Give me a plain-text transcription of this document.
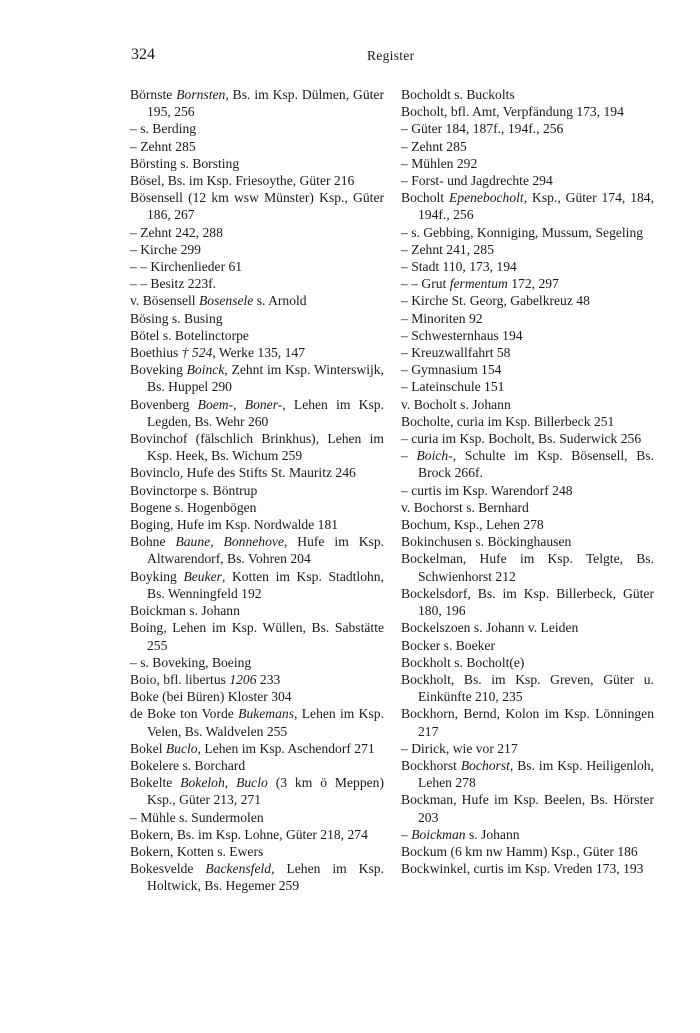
324	Register
Börnste Bornsten, Bs. im Ksp. Dülmen, Güter 195, 256
– s. Berding
– Zehnt 285
Börsting s. Borsting
Bösel, Bs. im Ksp. Friesoythe, Güter 216
Bösensell (12 km wsw Münster) Ksp., Güter 186, 267
– Zehnt 242, 288
– Kirche 299
– – Kirchenlieder 61
– – Besitz 223f.
v. Bösensell Bosensele s. Arnold
Bösing s. Busing
Bötel s. Botelinctorpe
Boethius † 524, Werke 135, 147
Boveking Boinck, Zehnt im Ksp. Winterswijk, Bs. Huppel 290
Bovenberg Boem-, Boner-, Lehen im Ksp. Legden, Bs. Wehr 260
Bovinchof (fälschlich Brinkhus), Lehen im Ksp. Heek, Bs. Wichum 259
Bovinclo, Hufe des Stifts St. Mauritz 246
Bovinctorpe s. Böntrup
Bogene s. Hogenbögen
Boging, Hufe im Ksp. Nordwalde 181
Bohne Baune, Bonnehove, Hufe im Ksp. Altwarendorf, Bs. Vohren 204
Boyking Beuker, Kotten im Ksp. Stadtlohn, Bs. Wenningfeld 192
Boickman s. Johann
Boing, Lehen im Ksp. Wüllen, Bs. Sabstätte 255
– s. Boveking, Boeing
Boio, bfl. libertus 1206 233
Boke (bei Büren) Kloster 304
de Boke ton Vorde Bukemans, Lehen im Ksp. Velen, Bs. Waldvelen 255
Bokel Buclo, Lehen im Ksp. Aschendorf 271
Bokelere s. Borchard
Bokelte Bokeloh, Buclo (3 km ö Meppen) Ksp., Güter 213, 271
– Mühle s. Sundermolen
Bokern, Bs. im Ksp. Lohne, Güter 218, 274
Bokern, Kotten s. Ewers
Bokesvelde Backensfeld, Lehen im Ksp. Holtwick, Bs. Hegemer 259
Bocholdt s. Buckolts
Bocholt, bfl. Amt, Verpfändung 173, 194
– Güter 184, 187f., 194f., 256
– Zehnt 285
– Mühlen 292
– Forst- und Jagdrechte 294
Bocholt Epenebocholt, Ksp., Güter 174, 184, 194f., 256
– s. Gebbing, Konniging, Mussum, Segeling
– Zehnt 241, 285
– Stadt 110, 173, 194
– – Grut fermentum 172, 297
– Kirche St. Georg, Gabelkreuz 48
– Minoriten 92
– Schwesternhaus 194
– Kreuzwallfahrt 58
– Gymnasium 154
– Lateinschule 151
v. Bocholt s. Johann
Bocholte, curia im Ksp. Billerbeck 251
– curia im Ksp. Bocholt, Bs. Suderwick 256
– Boich-, Schulte im Ksp. Bösensell, Bs. Brock 266f.
– curtis im Ksp. Warendorf 248
v. Bochorst s. Bernhard
Bochum, Ksp., Lehen 278
Bokinchusen s. Böckinghausen
Bockelman, Hufe im Ksp. Telgte, Bs. Schwienhorst 212
Bockelsdorf, Bs. im Ksp. Billerbeck, Güter 180, 196
Bockelszoen s. Johann v. Leiden
Bocker s. Boeker
Bockholt s. Bocholt(e)
Bockholt, Bs. im Ksp. Greven, Güter u. Einkünfte 210, 235
Bockhorn, Bernd, Kolon im Ksp. Lönningen 217
– Dirick, wie vor 217
Bockhorst Bochorst, Bs. im Ksp. Heiligenloh, Lehen 278
Bockman, Hufe im Ksp. Beelen, Bs. Hörster 203
– Boickman s. Johann
Bockum (6 km nw Hamm) Ksp., Güter 186
Bockwinkel, curtis im Ksp. Vreden 173, 193
